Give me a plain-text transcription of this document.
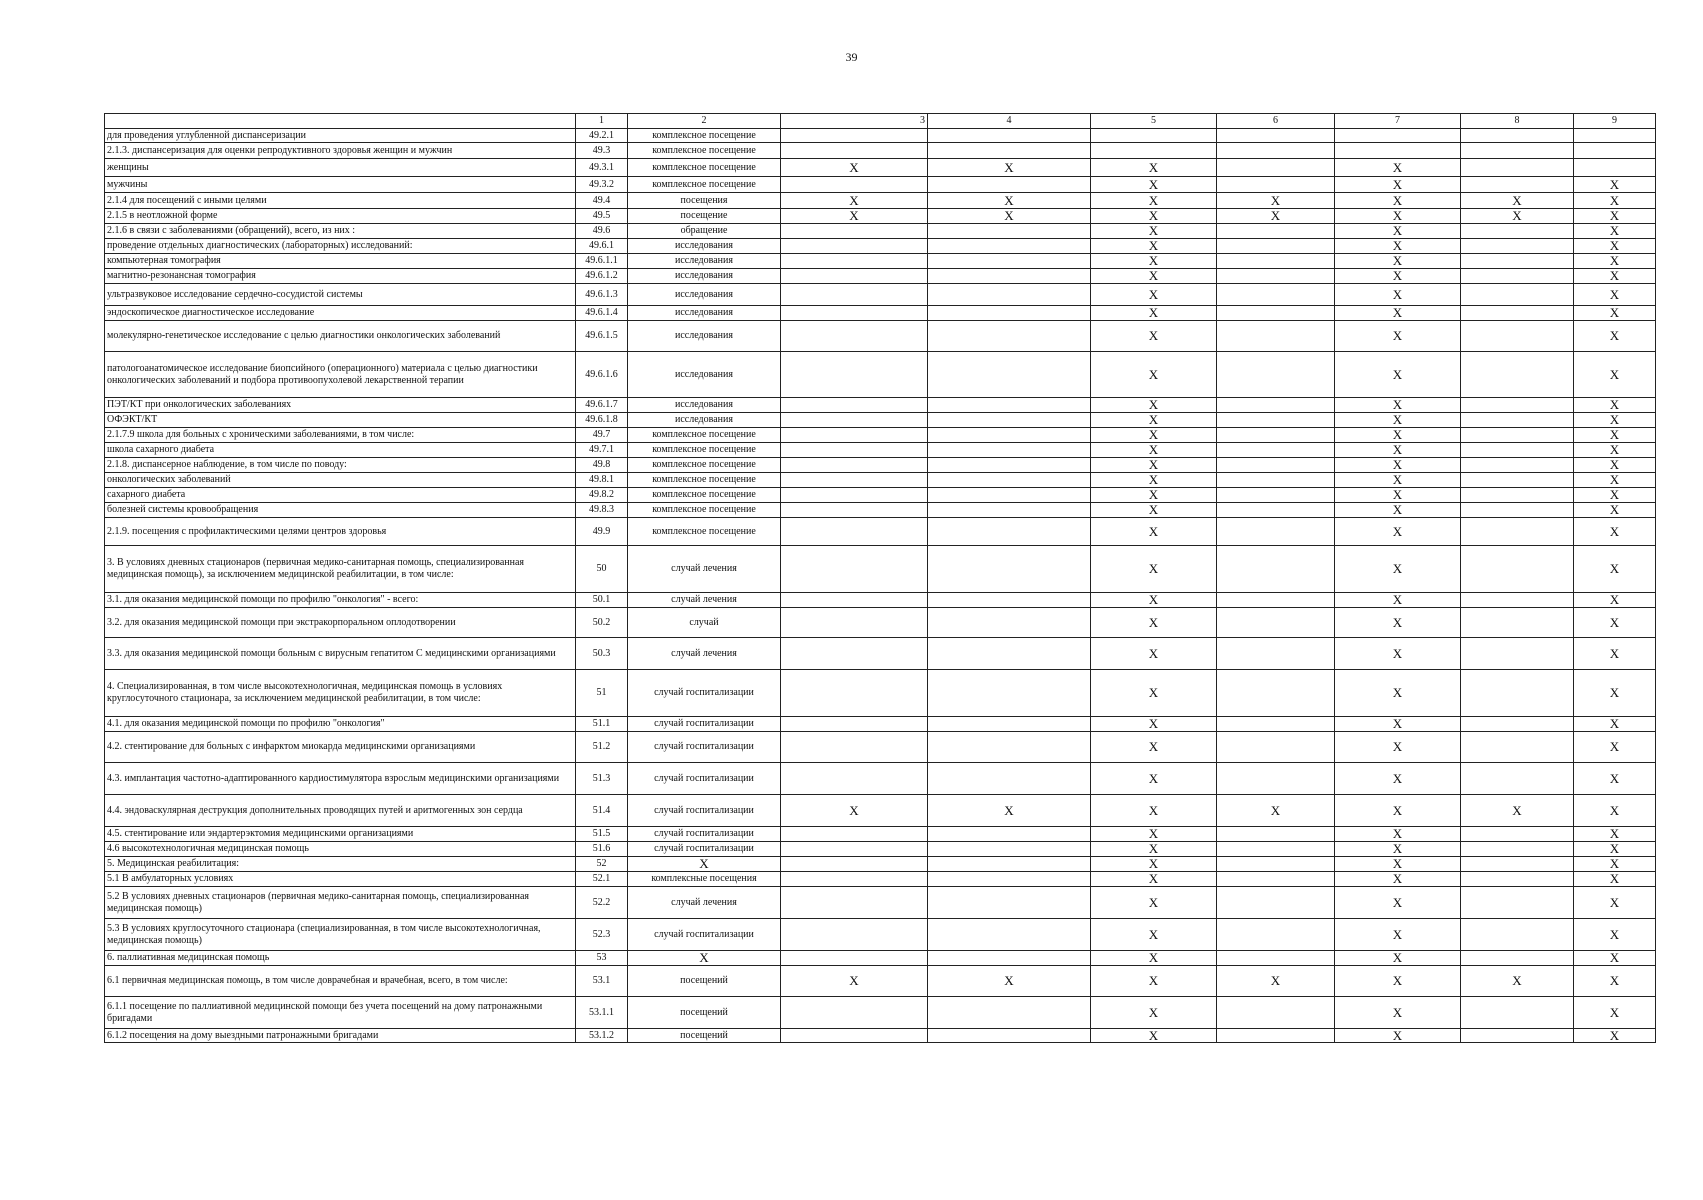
39
	1	2	3	4	5	6	7	8	9
для проведения углубленной диспансеризации	49.2.1	комплексное посещение							
2.1.3. диспансеризация для оценки репродуктивного здоровья женщин и мужчин	49.3	комплексное посещение							
женщины	49.3.1	комплексное посещение	X	X	X		X		
мужчины	49.3.2	комплексное посещение			X		X		X
2.1.4 для посещений с иными целями	49.4	посещения	X	X	X	X	X	X	X
2.1.5 в неотложной форме	49.5	посещение	X	X	X	X	X	X	X
2.1.6 в связи с заболеваниями (обращений), всего, из них :	49.6	обращение			X		X		X
проведение отдельных диагностических (лабораторных) исследований:	49.6.1	исследования			X		X		X
компьютерная томография	49.6.1.1	исследования			X		X		X
магнитно-резонансная томография	49.6.1.2	исследования			X		X		X
ультразвуковое исследование сердечно-сосудистой системы	49.6.1.3	исследования			X		X		X
эндоскопическое диагностическое исследование	49.6.1.4	исследования			X		X		X
молекулярно-генетическое исследование с целью диагностики онкологических заболеваний	49.6.1.5	исследования			X		X		X
патологоанатомическое исследование биопсийного (операционного) материала с целью диагностики онкологических заболеваний и подбора противоопухолевой лекарственной терапии	49.6.1.6	исследования			X		X		X
ПЭТ/КТ при онкологических заболеваниях	49.6.1.7	исследования			X		X		X
ОФЭКТ/КТ	49.6.1.8	исследования			X		X		X
2.1.7.9 школа для больных с хроническими заболеваниями, в том числе:	49.7	комплексное посещение			X		X		X
школа сахарного диабета	49.7.1	комплексное посещение			X		X		X
2.1.8. диспансерное наблюдение, в том числе по поводу:	49.8	комплексное посещение			X		X		X
онкологических заболеваний	49.8.1	комплексное посещение			X		X		X
сахарного диабета	49.8.2	комплексное посещение			X		X		X
болезней системы кровообращения	49.8.3	комплексное посещение			X		X		X
2.1.9. посещения с профилактическими целями центров здоровья	49.9	комплексное посещение			X		X		X
3. В условиях дневных стационаров (первичная медико-санитарная помощь, специализированная медицинская помощь), за исключением медицинской реабилитации, в том числе:	50	случай лечения			X		X		X
3.1. для оказания медицинской помощи по профилю "онкология" - всего:	50.1	случай лечения			X		X		X
3.2. для оказания медицинской помощи при экстракорпоральном оплодотворении	50.2	случай			X		X		X
3.3. для оказания медицинской помощи больным с вирусным гепатитом С медицинскими организациями	50.3	случай лечения			X		X		X
4. Специализированная, в том числе высокотехнологичная, медицинская помощь в условиях круглосуточного стационара, за исключением медицинской реабилитации, в том числе:	51	случай госпитализации			X		X		X
4.1. для оказания медицинской помощи по профилю "онкология"	51.1	случай госпитализации			X		X		X
4.2. стентирование для больных с инфарктом миокарда медицинскими организациями	51.2	случай госпитализации			X		X		X
4.3. имплантация частотно-адаптированного кардиостимулятора взрослым медицинскими организациями	51.3	случай госпитализации			X		X		X
4.4. эндоваскулярная деструкция дополнительных проводящих путей и аритмогенных зон сердца	51.4	случай госпитализации	X	X	X	X	X	X	X
4.5. стентирование или эндартерэктомия медицинскими организациями	51.5	случай госпитализации			X		X		X
4.6 высокотехнологичная медицинская помощь	51.6	случай госпитализации			X		X		X
5. Медицинская реабилитация:	52	X			X		X		X
5.1 В амбулаторных условиях	52.1	комплексные посещения			X		X		X
5.2 В условиях дневных стационаров (первичная медико-санитарная помощь, специализированная медицинская помощь)	52.2	случай лечения			X		X		X
5.3 В условиях круглосуточного стационара (специализированная, в том числе высокотехнологичная, медицинская помощь)	52.3	случай госпитализации			X		X		X
6. паллиативная медицинская помощь	53	X			X		X		X
6.1 первичная медицинская помощь, в том числе доврачебная и врачебная, всего, в том числе:	53.1	посещений	X	X	X	X	X	X	X
6.1.1 посещение по паллиативной медицинской помощи без учета посещений на дому патронажными бригадами	53.1.1	посещений			X		X		X
6.1.2 посещения на дому выездными патронажными бригадами	53.1.2	посещений			X		X		X
